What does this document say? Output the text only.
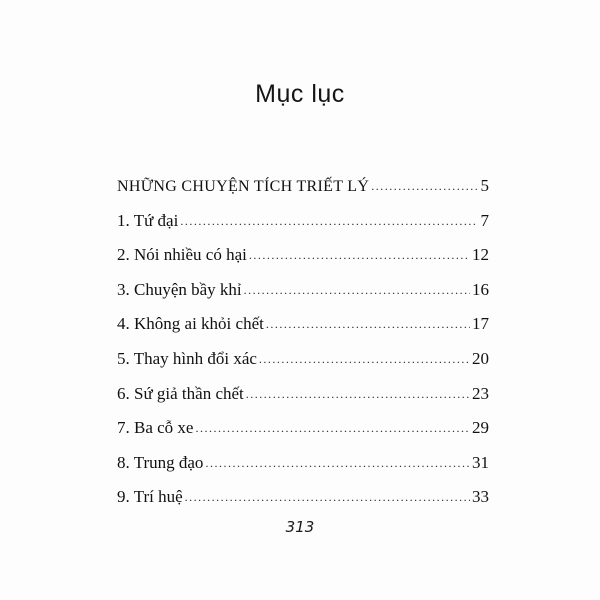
Mục lục
NHỮNG CHUYỆN TÍCH TRIẾT LÝ .....	5
1. Tứ đại .....	7
2. Nói nhiều có hại .....	12
3. Chuyện bầy khỉ .....	16
4. Không ai khỏi chết .....	17
5. Thay hình đổi xác .....	20
6. Sứ giả thần chết .....	23
7. Ba cỗ xe .....	29
8. Trung đạo .....	31
9. Trí huệ .....	33
313
